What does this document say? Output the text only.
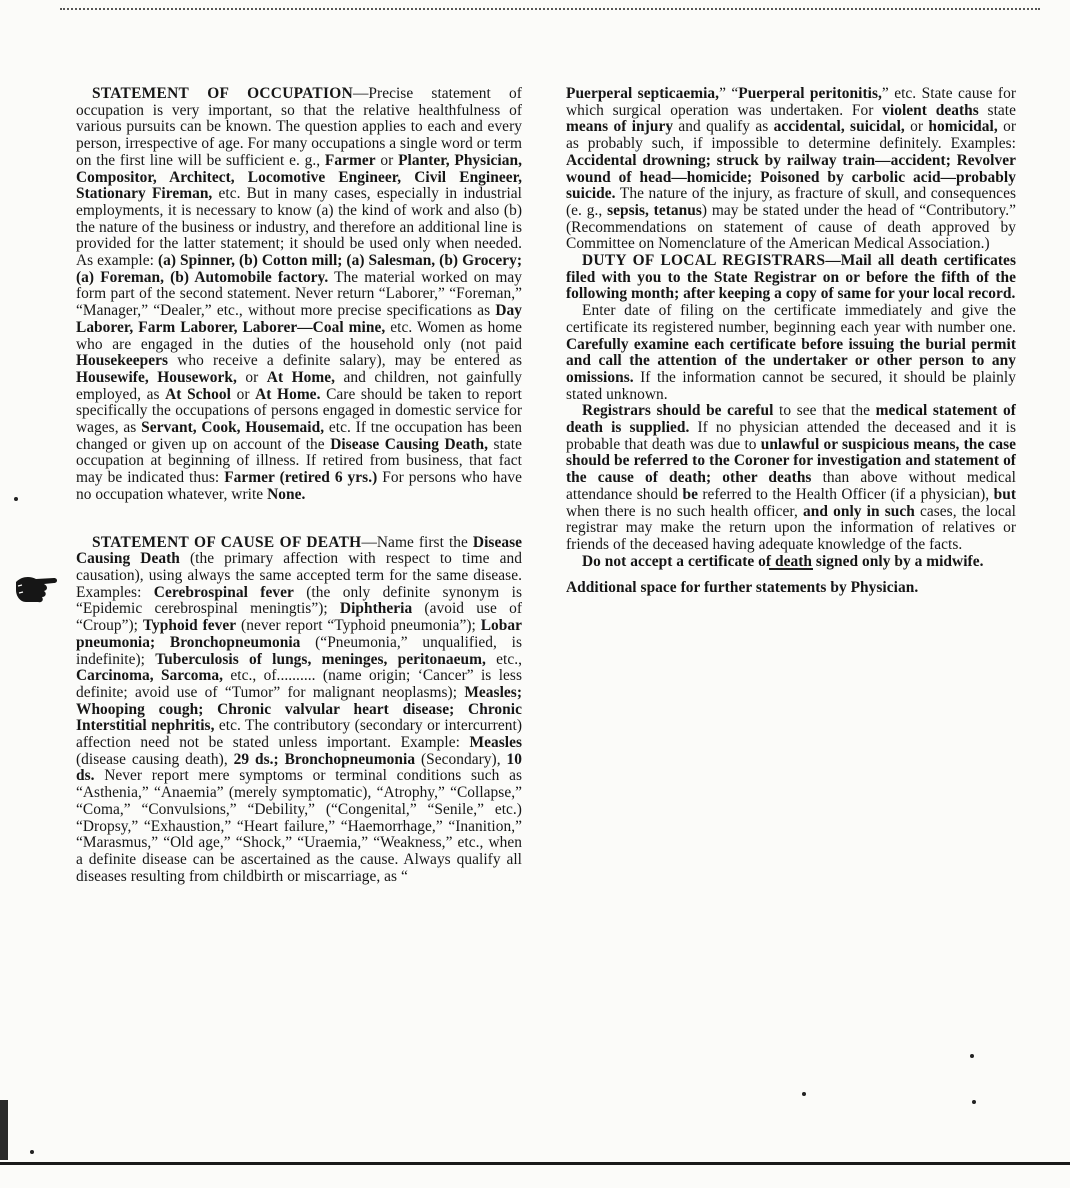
STATEMENT OF OCCUPATION—Precise statement of occupation is very important, so that the relative healthfulness of various pursuits can be known. The question applies to each and every person, irrespective of age. For many occupations a single word or term on the first line will be sufficient e. g., Farmer or Planter, Physician, Compositor, Architect, Locomotive Engineer, Civil Engineer, Stationary Fireman, etc. But in many cases, especially in industrial employments, it is necessary to know (a) the kind of work and also (b) the nature of the business or industry, and therefore an additional line is provided for the latter statement; it should be used only when needed. As example: (a) Spinner, (b) Cotton mill; (a) Salesman, (b) Grocery; (a) Foreman, (b) Automobile factory. The material worked on may form part of the second statement. Never return “Laborer,” “Foreman,” “Manager,” “Dealer,” etc., without more precise specifications as Day Laborer, Farm Laborer, Laborer—Coal mine, etc. Women as home who are engaged in the duties of the household only (not paid Housekeepers who receive a definite salary), may be entered as Housewife, Housework, or At Home, and children, not gainfully employed, as At School or At Home. Care should be taken to report specifically the occupations of persons engaged in domestic service for wages, as Servant, Cook, Housemaid, etc. If tne occupation has been changed or given up on account of the Disease Causing Death, state occupation at beginning of illness. If retired from business, that fact may be indicated thus: Farmer (retired 6 yrs.) For persons who have no occupation whatever, write None.

STATEMENT OF CAUSE OF DEATH—Name first the Disease Causing Death (the primary affection with respect to time and causation), using always the same accepted term for the same disease. Examples: Cerebrospinal fever (the only definite synonym is “Epidemic cerebrospinal meningtis”); Diphtheria (avoid use of “Croup”); Typhoid fever (never report “Typhoid pneumonia”); Lobar pneumonia; Bronchopneumonia (“Pneumonia,” unqualified, is indefinite); Tuberculosis of lungs, meninges, peritonaeum, etc., Carcinoma, Sarcoma, etc., of.......... (name origin; ‘Cancer” is less definite; avoid use of “Tumor” for malignant neoplasms); Measles; Whooping cough; Chronic valvular heart disease; Chronic Interstitial nephritis, etc. The contributory (secondary or intercurrent) affection need not be stated unless important. Example: Measles (disease causing death), 29 ds.; Bronchopneumonia (Secondary), 10 ds. Never report mere symptoms or terminal conditions such as “Asthenia,” “Anaemia” (merely symptomatic), “Atrophy,” “Collapse,” “Coma,” “Convulsions,” “Debility,” (“Congenital,” “Senile,” etc.) “Dropsy,” “Exhaustion,” “Heart failure,” “Haemorrhage,” “Inanition,” “Marasmus,” “Old age,” “Shock,” “Uraemia,” “Weakness,” etc., when a definite disease can be ascertained as the cause. Always qualify all diseases resulting from childbirth or miscarriage, as “

Puerperal septicaemia,” “Puerperal peritonitis,” etc. State cause for which surgical operation was undertaken. For violent deaths state means of injury and qualify as accidental, suicidal, or homicidal, or as probably such, if impossible to determine definitely. Examples: Accidental drowning; struck by railway train—accident; Revolver wound of head—homicide; Poisoned by carbolic acid—probably suicide. The nature of the injury, as fracture of skull, and consequences (e. g., sepsis, tetanus) may be stated under the head of “Contributory.” (Recommendations on statement of cause of death approved by Committee on Nomenclature of the American Medical Association.)

DUTY OF LOCAL REGISTRARS—Mail all death certificates filed with you to the State Registrar on or before the fifth of the following month; after keeping a copy of same for your local record.

Enter date of filing on the certificate immediately and give the certificate its registered number, beginning each year with number one. Carefully examine each certificate before issuing the burial permit and call the attention of the undertaker or other person to any omissions. If the information cannot be secured, it should be plainly stated unknown.

Registrars should be careful to see that the medical statement of death is supplied. If no physician attended the deceased and it is probable that death was due to unlawful or suspicious means, the case should be referred to the Coroner for investigation and statement of the cause of death; other deaths than above without medical attendance should be referred to the Health Officer (if a physician), but when there is no such health officer, and only in such cases, the local registrar may make the return upon the information of relatives or friends of the deceased having adequate knowledge of the facts.

Do not accept a certificate of death signed only by a midwife.

Additional space for further statements by Physician.
